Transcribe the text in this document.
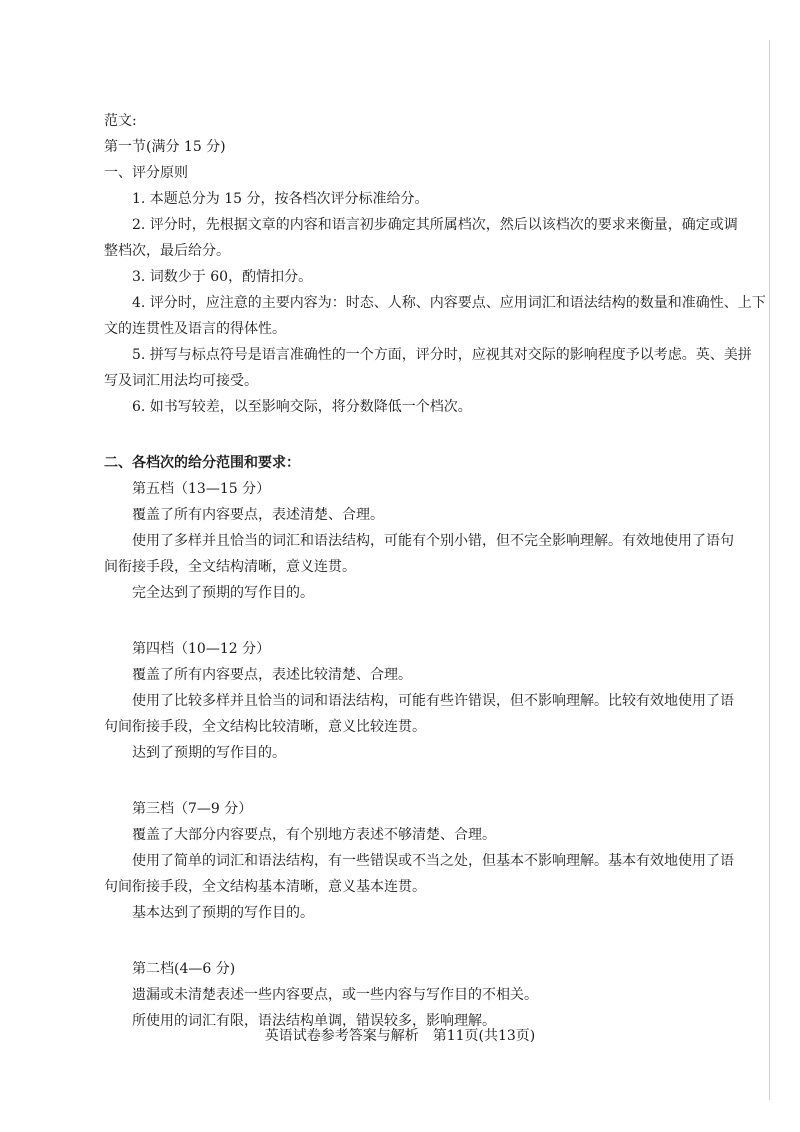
范文:

第一节(满分 15 分)

一、评分原则

1. 本题总分为 15 分，按各档次评分标准给分。

2. 评分时，先根据文章的内容和语言初步确定其所属档次，然后以该档次的要求来衡量，确定或调

整档次，最后给分。

3. 词数少于 60，酌情扣分。

4. 评分时，应注意的主要内容为：时态、人称、内容要点、应用词汇和语法结构的数量和准确性、上下

文的连贯性及语言的得体性。

5. 拼写与标点符号是语言准确性的一个方面，评分时，应视其对交际的影响程度予以考虑。英、美拼

写及词汇用法均可接受。

6. 如书写较差，以至影响交际，将分数降低一个档次。

二、各档次的给分范围和要求：

第五档（13—15 分）

覆盖了所有内容要点，表述清楚、合理。

使用了多样并且恰当的词汇和语法结构，可能有个别小错，但不完全影响理解。有效地使用了语句

间衔接手段，全文结构清晰，意义连贯。

完全达到了预期的写作目的。

第四档（10—12 分）

覆盖了所有内容要点，表述比较清楚、合理。

使用了比较多样并且恰当的词和语法结构，可能有些许错误，但不影响理解。比较有效地使用了语

句间衔接手段，全文结构比较清晰，意义比较连贯。

达到了预期的写作目的。

第三档（7—9 分）

覆盖了大部分内容要点，有个别地方表述不够清楚、合理。

使用了简单的词汇和语法结构，有一些错误或不当之处，但基本不影响理解。基本有效地使用了语

句间衔接手段，全文结构基本清晰，意义基本连贯。

基本达到了预期的写作目的。

第二档(4—6 分)

遗漏或未清楚表述一些内容要点，或一些内容与写作目的不相关。

所使用的词汇有限，语法结构单调，错误较多，影响理解。

英语试卷参考答案与解析　第11页(共13页)
